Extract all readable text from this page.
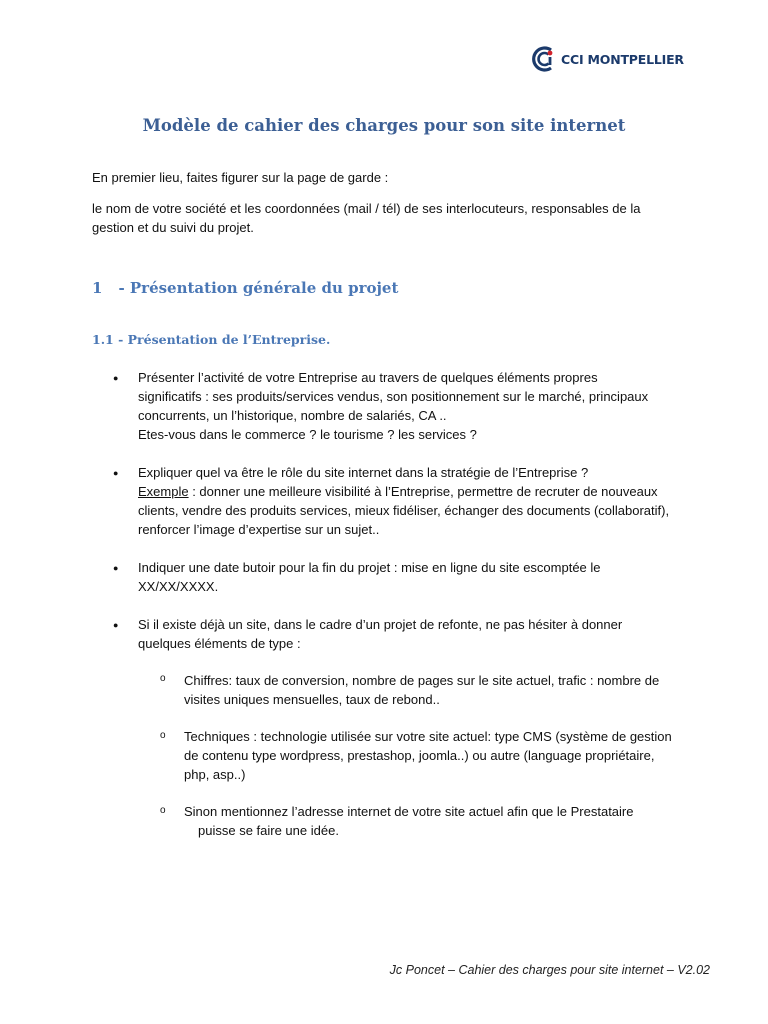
CCI MONTPELLIER
Modèle de cahier des charges pour son site internet
En premier lieu, faites figurer sur la page de garde :
le nom de votre société et les coordonnées (mail / tél) de ses interlocuteurs, responsables de la
gestion et du suivi du projet.
1 - Présentation générale du projet
1.1 - Présentation de l’Entreprise.
● Présenter l’activité de votre Entreprise au travers de quelques éléments propres
significatifs : ses produits/services vendus, son positionnement sur le marché, principaux
concurrents, un l’historique, nombre de salariés, CA ..
Etes-vous dans le commerce ? le tourisme ? les services ?
● Expliquer quel va être le rôle du site internet dans la stratégie de l’Entreprise ?
Exemple : donner une meilleure visibilité à l’Entreprise, permettre de recruter de nouveaux
clients, vendre des produits services, mieux fidéliser, échanger des documents (collaboratif),
renforcer l’image d’expertise sur un sujet..
● Indiquer une date butoir pour la fin du projet : mise en ligne du site escomptée le
XX/XX/XXXX.
● Si il existe déjà un site, dans le cadre d’un projet de refonte, ne pas hésiter à donner
quelques éléments de type :
o Chiffres: taux de conversion, nombre de pages sur le site actuel, trafic : nombre de
visites uniques mensuelles, taux de rebond..
o Techniques : technologie utilisée sur votre site actuel: type CMS (système de gestion
de contenu type wordpress, prestashop, joomla..) ou autre (language propriétaire,
php, asp..)
o Sinon mentionnez l’adresse internet de votre site actuel afin que le Prestataire
puisse se faire une idée.
Jc Poncet – Cahier des charges pour site internet – V2.02
